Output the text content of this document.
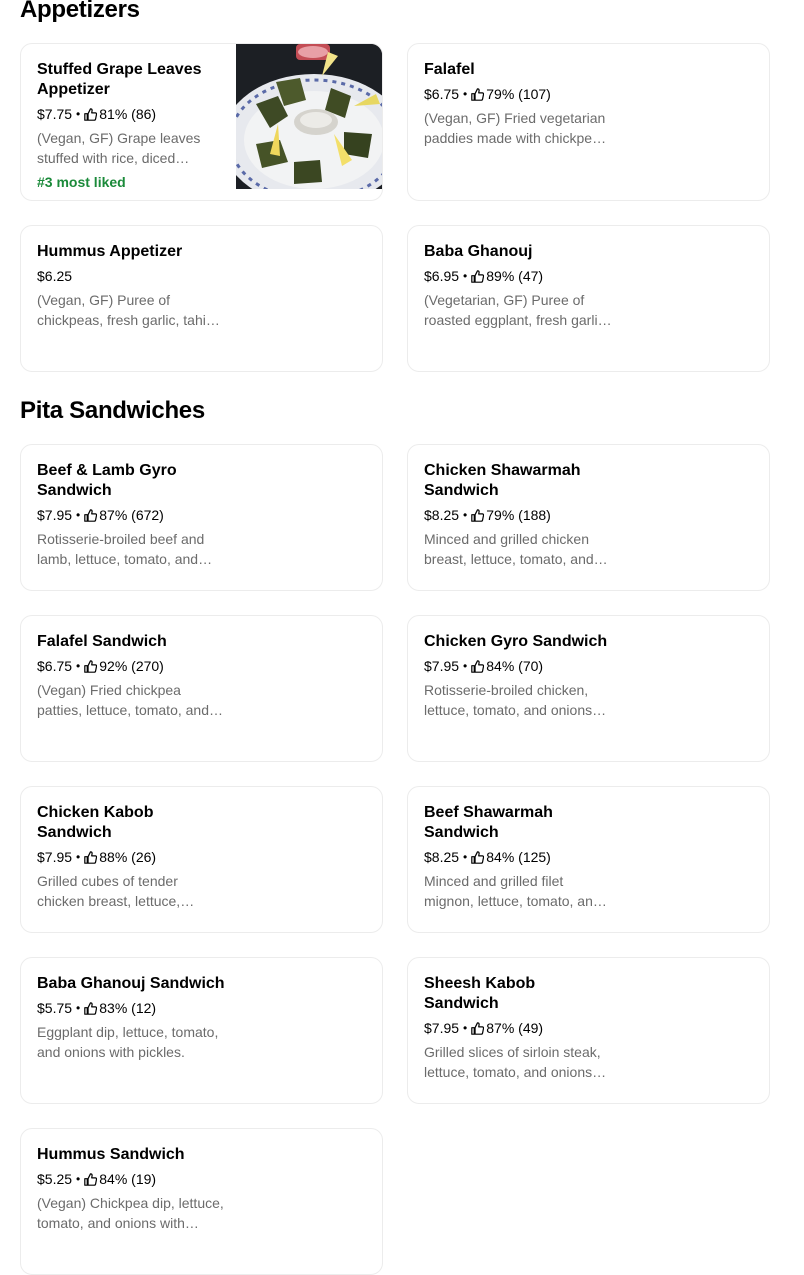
Appetizers
Stuffed Grape Leaves Appetizer
$7.75 • 81% (86)
(Vegan, GF) Grape leaves stuffed with rice, diced
#3 most liked
Falafel
$6.75 • 79% (107)
(Vegan, GF) Fried vegetarian paddies made with chickpeas
Hummus Appetizer
$6.25
(Vegan, GF) Puree of chickpeas, fresh garlic, tahini
Baba Ghanouj
$6.95 • 89% (47)
(Vegetarian, GF) Puree of roasted eggplant, fresh garlic,
Pita Sandwiches
Beef & Lamb Gyro Sandwich
$7.95 • 87% (672)
Rotisserie-broiled beef and lamb, lettuce, tomato, and
Chicken Shawarmah Sandwich
$8.25 • 79% (188)
Minced and grilled chicken breast, lettuce, tomato, and
Falafel Sandwich
$6.75 • 92% (270)
(Vegan) Fried chickpea patties, lettuce, tomato, and
Chicken Gyro Sandwich
$7.95 • 84% (70)
Rotisserie-broiled chicken, lettuce, tomato, and onions
Chicken Kabob Sandwich
$7.95 • 88% (26)
Grilled cubes of tender chicken breast, lettuce,
Beef Shawarmah Sandwich
$8.25 • 84% (125)
Minced and grilled filet mignon, lettuce, tomato, and
Baba Ghanouj Sandwich
$5.75 • 83% (12)
Eggplant dip, lettuce, tomato, and onions with pickles.
Sheesh Kabob Sandwich
$7.95 • 87% (49)
Grilled slices of sirloin steak, lettuce, tomato, and onions
Hummus Sandwich
$5.25 • 84% (19)
(Vegan) Chickpea dip, lettuce, tomato, and onions with
